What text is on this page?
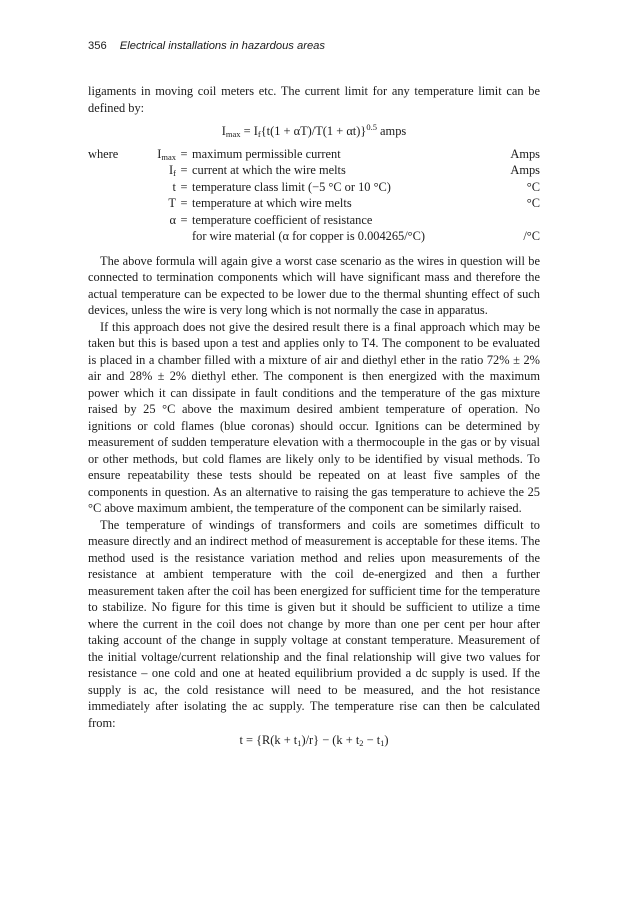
356 Electrical installations in hazardous areas

ligaments in moving coil meters etc. The current limit for any temperature limit can be defined by:

$I_{max} = I_f\{t(1 + \alpha T)/T(1 + \alpha t)\}^{0.5}$ amps
where	$I_{max}$	=	maximum permissible current	Amps
	$I_f$	=	current at which the wire melts	Amps
	t	=	temperature class limit (−5 °C or 10 °C)	°C
	T	=	temperature at which wire melts	°C
	α	=	temperature coefficient of resistance	
			for wire material (α for copper is 0.004265/°C)	/°C

The above formula will again give a worst case scenario as the wires in question will be connected to termination components which will have significant mass and therefore the actual temperature can be expected to be lower due to the thermal shunting effect of such devices, unless the wire is very long which is not normally the case in apparatus.

If this approach does not give the desired result there is a final approach which may be taken but this is based upon a test and applies only to T4. The component to be evaluated is placed in a chamber filled with a mixture of air and diethyl ether in the ratio 72% ± 2% air and 28% ± 2% diethyl ether. The component is then energized with the maximum power which it can dissipate in fault conditions and the temperature of the gas mixture raised by 25 °C above the maximum desired ambient temperature of operation. No ignitions or cold flames (blue coronas) should occur. Ignitions can be determined by measurement of sudden temperature elevation with a thermocouple in the gas or by visual or other methods, but cold flames are likely only to be identified by visual methods. To ensure repeatability these tests should be repeated on at least five samples of the components in question. As an alternative to raising the gas temperature to achieve the 25 °C above maximum ambient, the temperature of the component can be similarly raised.

The temperature of windings of transformers and coils are sometimes difficult to measure directly and an indirect method of measurement is acceptable for these items. The method used is the resistance variation method and relies upon measurements of the resistance at ambient temperature with the coil de-energized and then a further measurement taken after the coil has been energized for sufficient time for the temperature to stabilize. No figure for this time is given but it should be sufficient to utilize a time where the current in the coil does not change by more than one per cent per hour after taking account of the change in supply voltage at constant temperature. Measurement of the initial voltage/current relationship and the final relationship will give two values for resistance – one cold and one at heated equilibrium provided a dc supply is used. If the supply is ac, the cold resistance will need to be measured, and the hot resistance immediately after isolating the ac supply. The temperature rise can then be calculated from:

$t = \{R(k + t_1)/r\} - (k + t_2 - t_1)$
